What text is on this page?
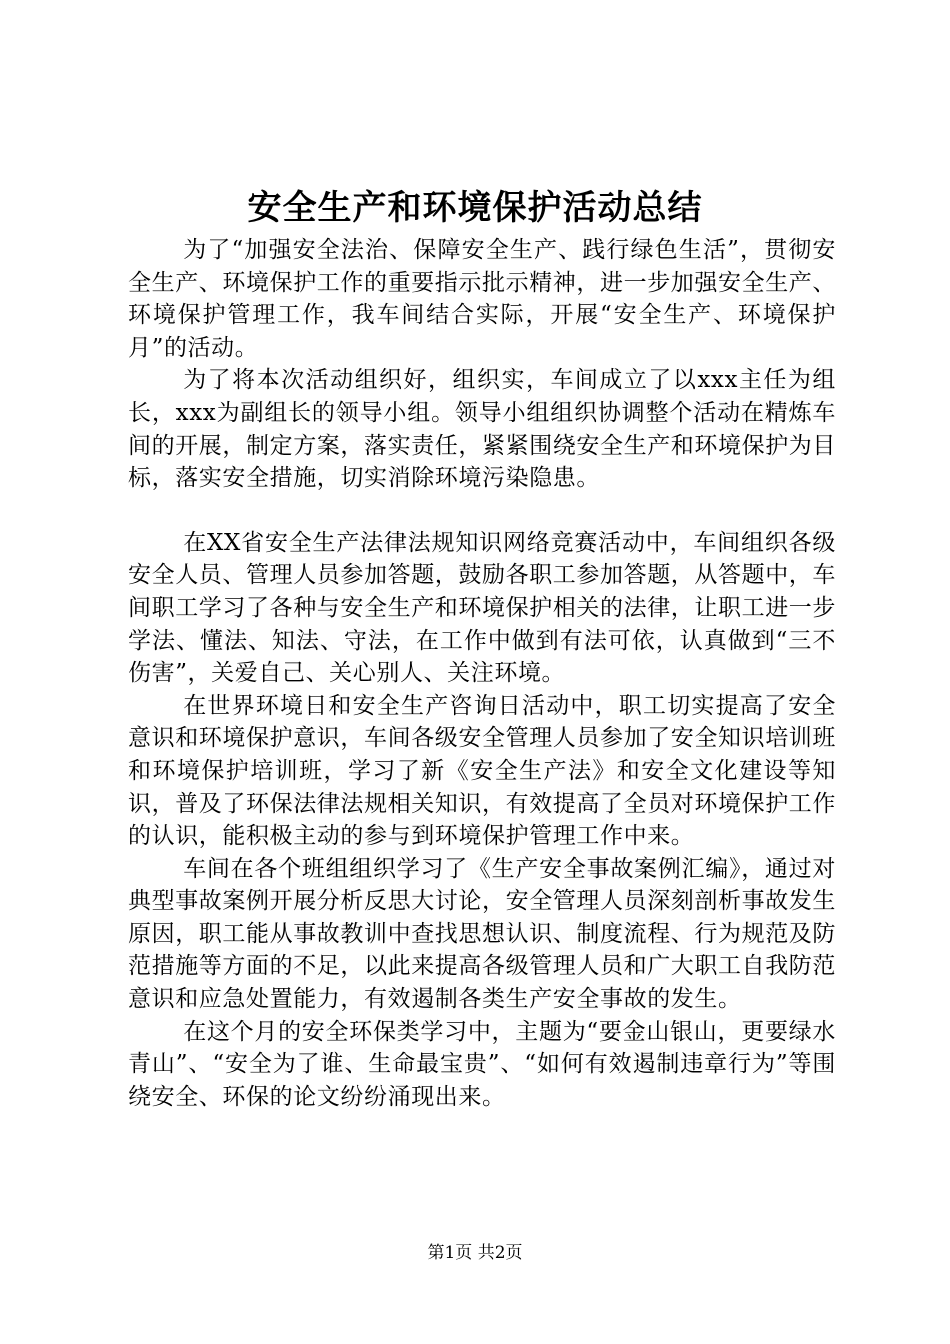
安全生产和环境保护活动总结

为了“加强安全法治、保障安全生产、践行绿色生活”，贯彻安全生产、环境保护工作的重要指示批示精神，进一步加强安全生产、环境保护管理工作，我车间结合实际，开展“安全生产、环境保护月”的活动。

为了将本次活动组织好，组织实，车间成立了以xxx主任为组长，xxx为副组长的领导小组。领导小组组织协调整个活动在精炼车间的开展，制定方案，落实责任，紧紧围绕安全生产和环境保护为目标，落实安全措施，切实消除环境污染隐患。

在XX省安全生产法律法规知识网络竞赛活动中，车间组织各级安全人员、管理人员参加答题，鼓励各职工参加答题，从答题中，车间职工学习了各种与安全生产和环境保护相关的法律，让职工进一步学法、懂法、知法、守法，在工作中做到有法可依，认真做到“三不伤害”，关爱自己、关心别人、关注环境。

在世界环境日和安全生产咨询日活动中，职工切实提高了安全意识和环境保护意识，车间各级安全管理人员参加了安全知识培训班和环境保护培训班，学习了新《安全生产法》和安全文化建设等知识，普及了环保法律法规相关知识，有效提高了全员对环境保护工作的认识，能积极主动的参与到环境保护管理工作中来。

车间在各个班组组织学习了《生产安全事故案例汇编》，通过对典型事故案例开展分析反思大讨论，安全管理人员深刻剖析事故发生原因，职工能从事故教训中查找思想认识、制度流程、行为规范及防范措施等方面的不足，以此来提高各级管理人员和广大职工自我防范意识和应急处置能力，有效遏制各类生产安全事故的发生。

在这个月的安全环保类学习中，主题为“要金山银山，更要绿水青山”、“安全为了谁、生命最宝贵”、“如何有效遏制违章行为”等围绕安全、环保的论文纷纷涌现出来。

第1页 共2页
